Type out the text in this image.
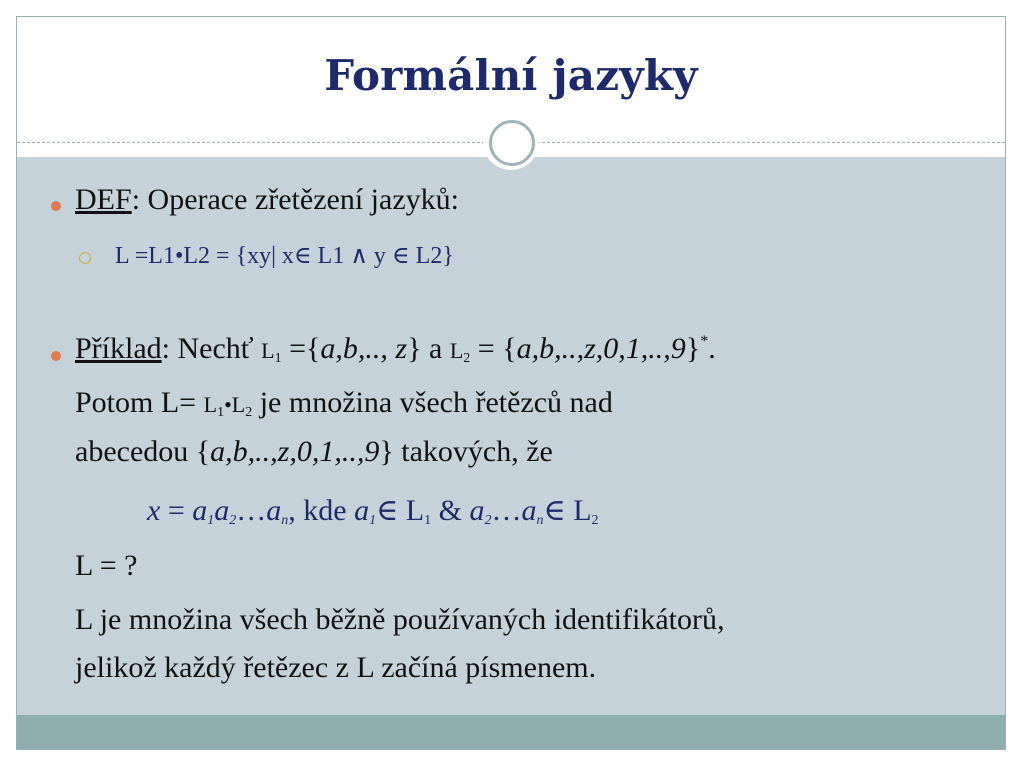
Formální jazyky
DEF: Operace zřetězení jazyků:
L =L1•L2 = {xy| x∈ L1 ∧ y ∈ L2}
Příklad: Nechť $L_1 =\{a,b$,.., z} a $L_2 = \{a,b,..,z,0,1,..,9\}^*$.
Potom $L= L_1•L_2$ je množina všech řetězců nad
abecedou {a,b,..,z,0,1,..,9} takových, že
$x = a_1a_2\dots a_n$, kde $a_1\in$ $L_1$ & $a_2\dots a_n\in$ $L_2$
L = ?
L je množina všech běžně používaných identifikátorů,
jelikož každý řetězec z L začíná písmenem.
